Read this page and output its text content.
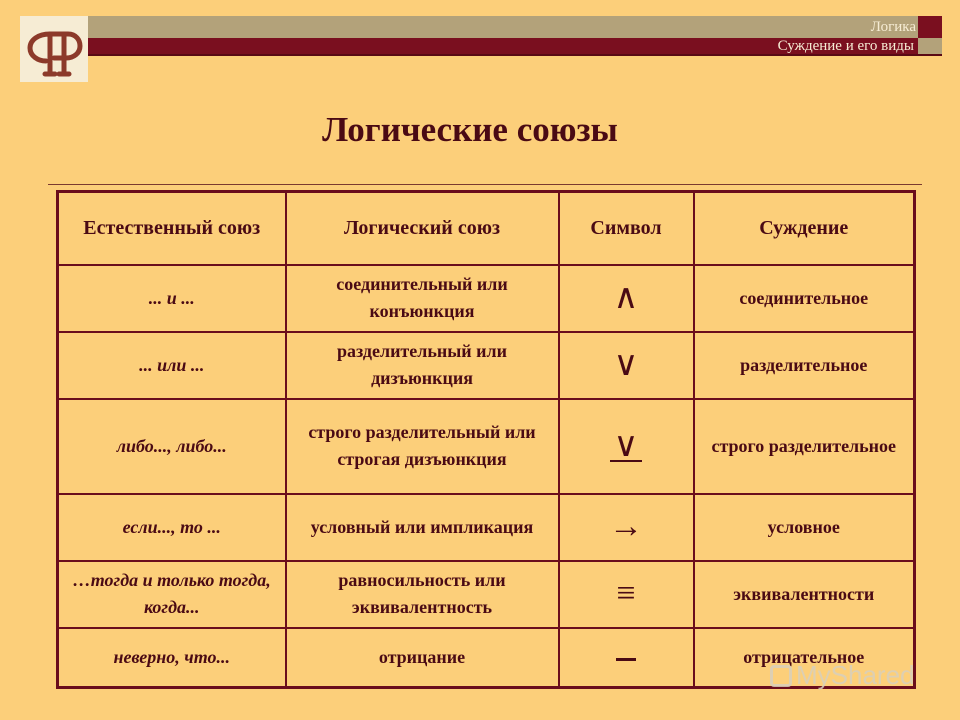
Логика
Суждение и его виды
Логические союзы
Естественный союз	Логический союз	Символ	Суждение
... и ...	соединительный или конъюнкция	∧	соединительное
... или ...	разделительный или дизъюнкция	∨	разделительное
либо..., либо...	строго разделительный или строгая дизъюнкция	∨	строго разделительное
если..., то ...	условный или импликация	→	условное
…тогда и только тогда, когда...	равносильность или эквивалентность	≡	эквивалентности
неверно, что...	отрицание		отрицательное
MyShared
